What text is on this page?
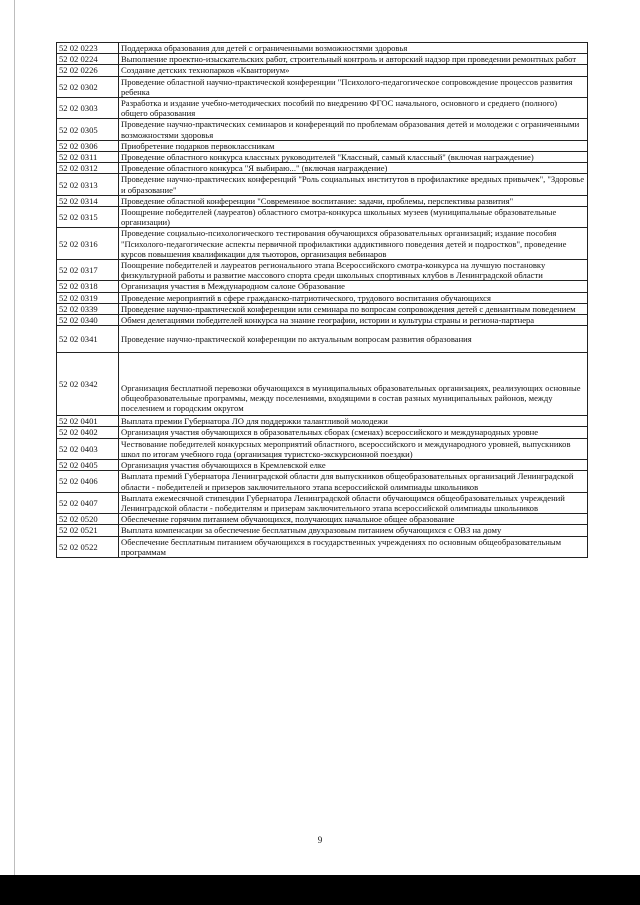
52 02 0223	Поддержка образования для детей с ограниченными возможностями здоровья
52 02 0224	Выполнение проектно-изыскательских работ, строительный контроль и авторский надзор при проведении ремонтных работ
52 02 0226	Создание детских технопарков «Кванториум»
52 02 0302	Проведение областной научно-практической конференции "Психолого-педагогическое сопровождение процессов развития ребенка
52 02 0303	Разработка и издание учебно-методических пособий по внедрению ФГОС начального, основного и среднего (полного) общего образования
52 02 0305	Проведение научно-практических семинаров и конференций по проблемам образования детей и молодежи с ограниченными возможностями здоровья
52 02 0306	Приобретение подарков первоклассникам
52 02 0311	Проведение областного конкурса классных руководителей "Классный, самый классный" (включая награждение)
52 02 0312	Проведение областного конкурса "Я выбираю..." (включая награждение)
52 02 0313	Проведение научно-практических конференций "Роль социальных институтов в профилактике вредных привычек", "Здоровье и образование"
52 02 0314	Проведение областной конференции "Современное воспитание: задачи, проблемы, перспективы развития"
52 02 0315	Поощрение победителей (лауреатов) областного смотра-конкурса школьных музеев (муниципальные образовательные организации)
52 02 0316	Проведение социально-психологического тестирования обучающихся образовательных организаций; издание пособия "Психолого-педагогические аспекты первичной профилактики аддиктивного поведения детей и подростков", проведение курсов повышения квалификации для тьюторов, организация вебинаров
52 02 0317	Поощрение победителей и лауреатов регионального этапа Всероссийского смотра-конкурса на лучшую постановку физкультурной работы и развитие массового спорта среди школьных спортивных клубов в Ленинградской области
52 02 0318	Организация участия в Международном салоне Образование
52 02 0319	Проведение мероприятий в сфере гражданско-патриотического, трудового воспитания обучающихся
52 02 0339	Проведение научно-практической конференции или семинара по вопросам сопровождения детей с девиантным поведением
52 02 0340	Обмен делегациями победителей конкурса на знание географии, истории и культуры страны и региона-партнера
52 02 0341	Проведение научно-практической конференции по актуальным вопросам развития образования
52 02 0342	Организация бесплатной перевозки обучающихся в муниципальных образовательных организациях, реализующих основные общеобразовательные программы, между поселениями, входящими в состав разных муниципальных районов, между поселением и городским округом
52 02 0401	Выплата премии Губернатора ЛО для поддержки талантливой молодежи
52 02 0402	Организация участия обучающихся в образовательных сборах (сменах) всероссийского и международных уровне
52 02 0403	Чествование победителей конкурсных мероприятий областного, всероссийского и международного уровней, выпускников школ по итогам учебного года (организация туристско-экскурсионной поездки)
52 02 0405	Организация участия обучающихся в Кремлевской елке
52 02 0406	Выплата премий Губернатора Ленинградской области для выпускников общеобразовательных организаций Ленинградской области - победителей и призеров заключительного этапа всероссийской олимпиады школьников
52 02 0407	Выплата ежемесячной стипендии Губернатора Ленинградской области обучающимся общеобразовательных учреждений Ленинградской области - победителям и призерам заключительного этапа всероссийской олимпиады школьников
52 02 0520	Обеспечение горячим питанием обучающихся, получающих начальное общее образование
52 02 0521	Выплата компенсации за обеспечение бесплатным двухразовым питанием обучающихся с ОВЗ на дому
52 02 0522	Обеспечение бесплатным питанием обучающихся в государственных учреждениях по основным общеобразовательным программам
9
